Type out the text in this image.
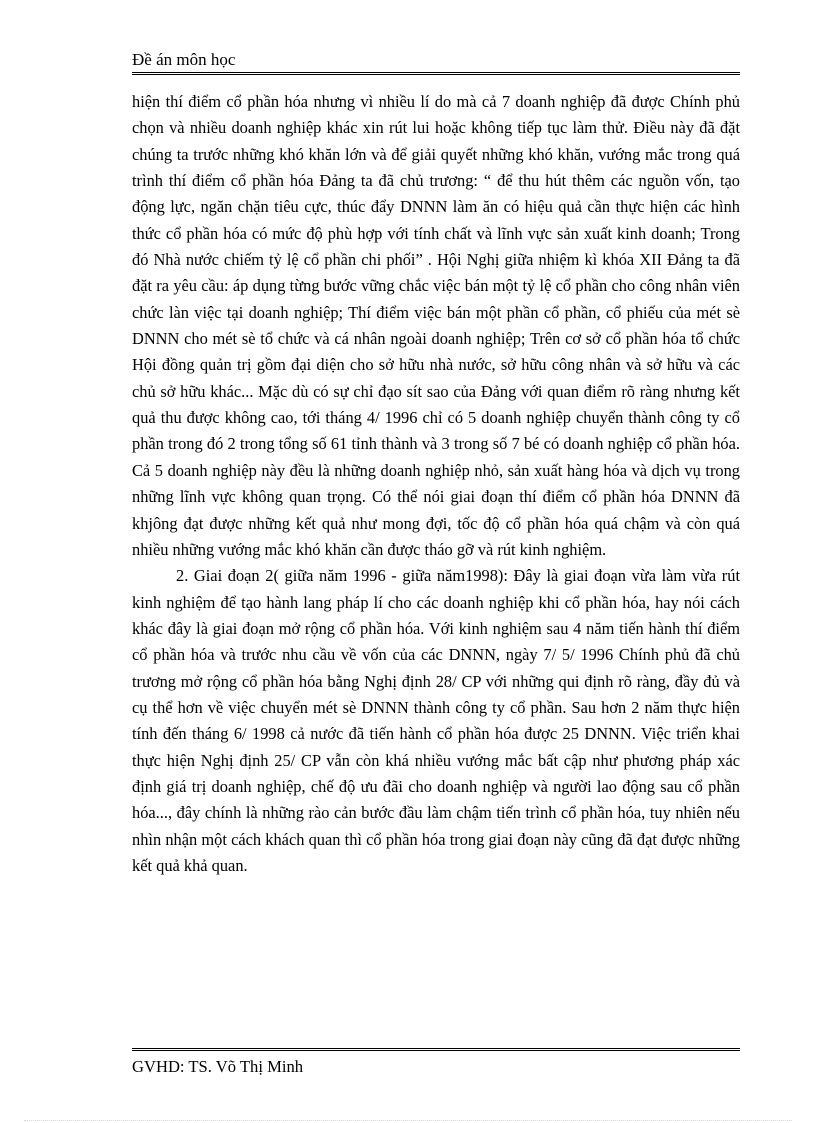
Đề án môn học

hiện thí điểm cổ phần hóa nhưng vì nhiều lí do mà cả 7 doanh nghiệp đã được Chính phủ chọn và nhiều doanh nghiệp khác xin rút lui hoặc không tiếp tục làm thử. Điều này đã đặt chúng ta trước những khó khăn lớn và để giải quyết những khó khăn, vướng mắc trong quá trình thí điểm cổ phần hóa Đảng ta đã chủ trương: “ để thu hút thêm các nguồn vốn, tạo động lực, ngăn chặn tiêu cực, thúc đẩy DNNN làm ăn có hiệu quả cần thực hiện các hình thức cổ phần hóa có mức độ phù hợp với tính chất và lĩnh vực sản xuất kinh doanh; Trong đó Nhà nước chiếm tỷ lệ cổ phần chi phối” . Hội Nghị giữa nhiệm kì khóa XII Đảng ta đã đặt ra yêu cầu: áp dụng từng bước vững chắc việc bán một tỷ lệ cổ phần cho công nhân viên chức làn việc tại doanh nghiệp; Thí điểm việc bán một phần cổ phần, cổ phiếu của mét sè DNNN cho mét sè tổ chức và cá nhân ngoài doanh nghiệp; Trên cơ sở cổ phần hóa tổ chức Hội đồng quản trị gồm đại diện cho sở hữu nhà nước, sở hữu công nhân và sở hữu và các chủ sở hữu khác... Mặc dù có sự chỉ đạo sít sao của Đảng với quan điểm rõ ràng nhưng kết quả thu được không cao, tới tháng 4/ 1996 chỉ có 5 doanh nghiệp chuyển thành công ty cổ phần trong đó 2 trong tổng số 61 tỉnh thành và 3 trong số 7 bé có doanh nghiệp cổ phần hóa. Cả 5 doanh nghiệp này đều là những doanh nghiệp nhỏ, sản xuất hàng hóa và dịch vụ trong những lĩnh vực không quan trọng. Có thể nói giai đoạn thí điểm cổ phần hóa DNNN đã khjông đạt được những kết quả như mong đợi, tốc độ cổ phần hóa quá chậm và còn quá nhiều những vướng mắc khó khăn cần được tháo gỡ và rút kinh nghiệm.

2. Giai đoạn 2( giữa năm 1996 - giữa năm1998): Đây là giai đoạn vừa làm vừa rút kinh nghiệm để tạo hành lang pháp lí cho các doanh nghiệp khi cổ phần hóa, hay nói cách khác đây là giai đoạn mở rộng cổ phần hóa. Với kinh nghiệm sau 4 năm tiến hành thí điểm cổ phần hóa và trước nhu cầu về vốn của các DNNN, ngày 7/ 5/ 1996 Chính phủ đã chủ trương mở rộng cổ phần hóa bằng Nghị định 28/ CP với những qui định rõ ràng, đầy đủ và cụ thể hơn về việc chuyển mét sè DNNN thành công ty cổ phần. Sau hơn 2 năm thực hiện tính đến tháng 6/ 1998 cả nước đã tiến hành cổ phần hóa được 25 DNNN. Việc triển khai thực hiện Nghị định 25/ CP vẫn còn khá nhiều vướng mắc bất cập như phương pháp xác định giá trị doanh nghiệp, chế độ ưu đãi cho doanh nghiệp và người lao động sau cổ phần hóa..., đây chính là những rào cản bước đầu làm chậm tiến trình cổ phần hóa, tuy nhiên nếu nhìn nhận một cách khách quan thì cổ phần hóa trong giai đoạn này cũng đã đạt được những kết quả khả quan.

GVHD: TS. Võ Thị Minh
